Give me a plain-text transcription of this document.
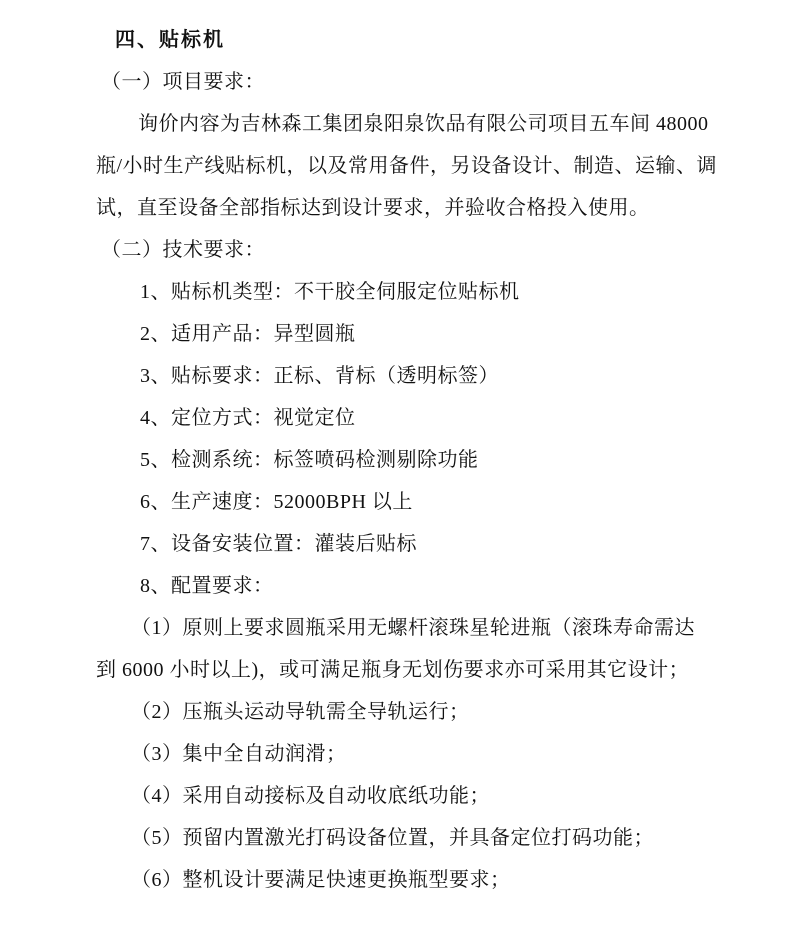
四、贴标机
（一）项目要求：
询价内容为吉林森工集团泉阳泉饮品有限公司项目五车间 48000
瓶/小时生产线贴标机，以及常用备件，另设备设计、制造、运输、调
试，直至设备全部指标达到设计要求，并验收合格投入使用。
（二）技术要求：
1、贴标机类型：不干胶全伺服定位贴标机
2、适用产品：异型圆瓶
3、贴标要求：正标、背标（透明标签）
4、定位方式：视觉定位
5、检测系统：标签喷码检测剔除功能
6、生产速度：52000BPH 以上
7、设备安装位置：灌装后贴标
8、配置要求：
（1）原则上要求圆瓶采用无螺杆滚珠星轮进瓶（滚珠寿命需达
到 6000 小时以上)，或可满足瓶身无划伤要求亦可采用其它设计；
（2）压瓶头运动导轨需全导轨运行；
（3）集中全自动润滑；
（4）采用自动接标及自动收底纸功能；
（5）预留内置激光打码设备位置，并具备定位打码功能；
（6）整机设计要满足快速更换瓶型要求；
